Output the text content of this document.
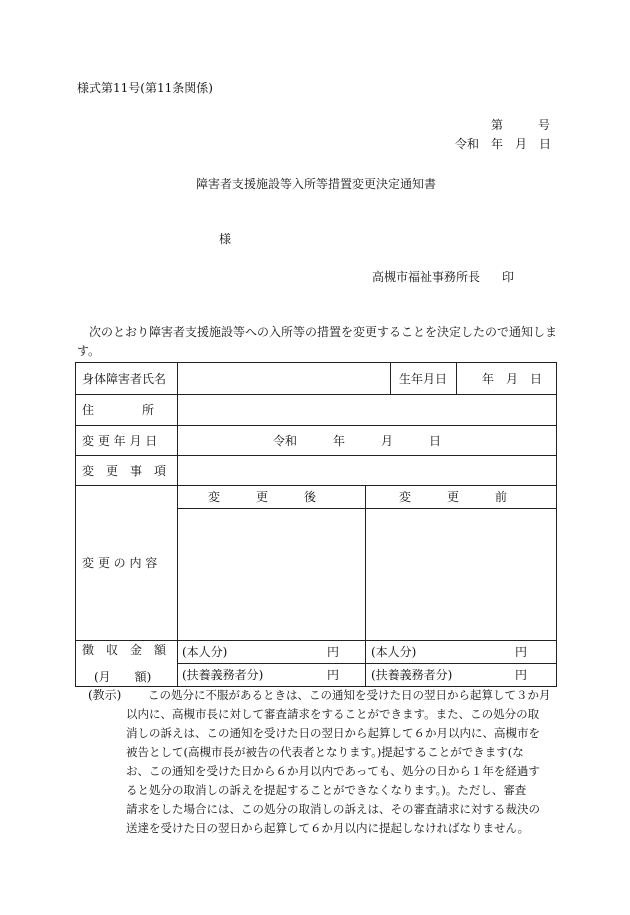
様式第11号(第11条関係)
第	号
令和　年　月　日
障害者支援施設等入所等措置変更決定通知書
様
高槻市福祉事務所長 印
次のとおり障害者支援施設等への入所等の措置を変更することを決定したので通知しま
す。
身体障害者氏名	生年月日	年　月　日
住　　　　所
変 更 年 月 日	令和　　　年　　　月　　　日
変　更　事　項
変　　　更　　　後	変　　　更　　　前
変 更 の 内 容
徴　収　金　額
(月　　額)
(本人分)	円	(本人分)	円
(扶養義務者分)	円	(扶養義務者分)	円
(教示) この処分に不服があるときは、この通知を受けた日の翌日から起算して３か月
以内に、高槻市長に対して審査請求をすることができます。また、この処分の取
消しの訴えは、この通知を受けた日の翌日から起算して６か月以内に、高槻市を
被告として(高槻市長が被告の代表者となります。)提起することができます(な
お、この通知を受けた日から６か月以内であっても、処分の日から１年を経過す
ると処分の取消しの訴えを提起することができなくなります。)。ただし、審査
請求をした場合には、この処分の取消しの訴えは、その審査請求に対する裁決の
送達を受けた日の翌日から起算して６か月以内に提起しなければなりません。
